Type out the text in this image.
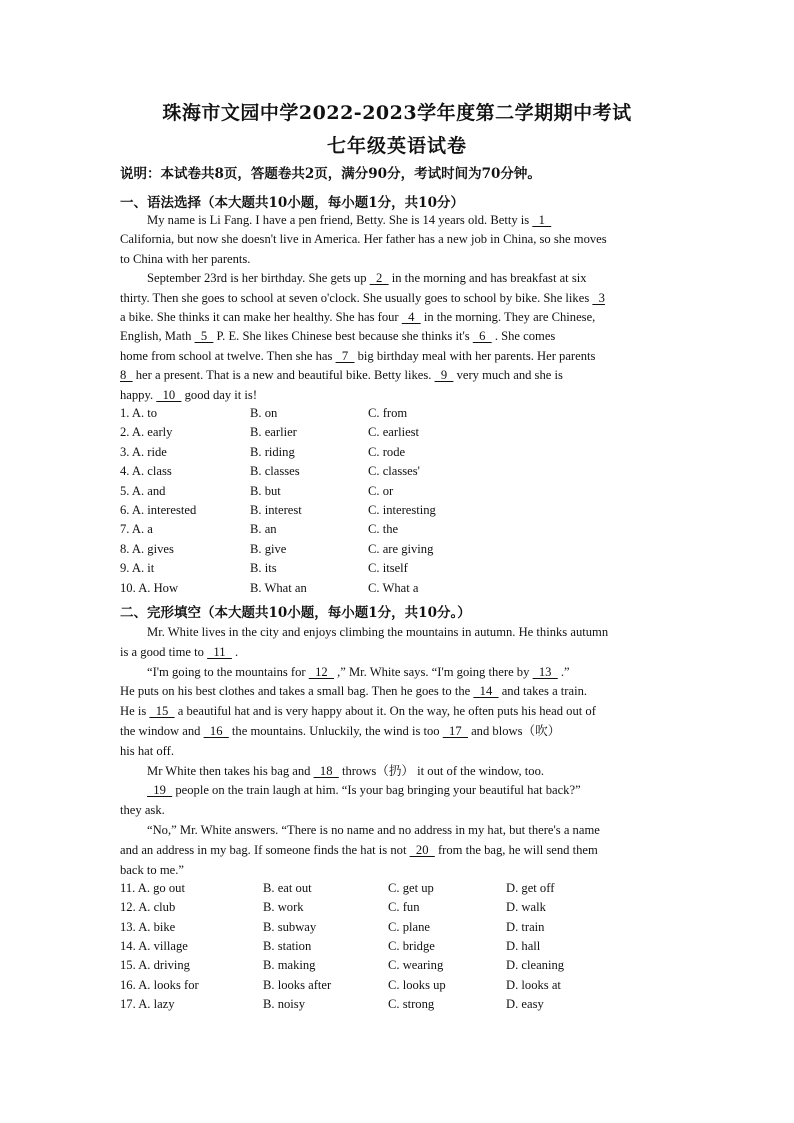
珠海市文园中学2022-2023学年度第二学期期中考试
七年级英语试卷
说明：本试卷共8页，答题卷共2页，满分90分，考试时间为70分钟。
一、语法选择（本大题共10小题，每小题1分，共10分）
My name is Li Fang. I have a pen friend, Betty. She is 14 years old. Betty is   1
California, but now she doesn't live in America. Her father has a new job in China, so she moves
to China with her parents.
September 23rd is her birthday. She gets up   2   in the morning and has breakfast at six
thirty. Then she goes to school at seven o'clock. She usually goes to school by bike. She likes   3
a bike. She thinks it can make her healthy. She has four   4   in the morning. They are Chinese,
English, Math   5   P. E. She likes Chinese best because she thinks it's   6   . She comes
home from school at twelve. Then she has   7   big birthday meal with her parents. Her parents
8   her a present. That is a new and beautiful bike. Betty likes.   9   very much and she is
happy.   10   good day it is!
1. A. to	B. on	C. from
2. A. early	B. earlier	C. earliest
3. A. ride	B. riding	C. rode
4. A. class	B. classes	C. classes'
5. A. and	B. but	C. or
6. A. interested	B. interest	C. interesting
7. A. a	B. an	C. the
8. A. gives	B. give	C. are giving
9. A. it	B. its	C. itself
10. A. How	B. What an	C. What a
二、完形填空（本大题共10小题，每小题1分，共10分。）
Mr. White lives in the city and enjoys climbing the mountains in autumn. He thinks autumn
is a good time to   11   .
“I'm going to the mountains for   12   ,” Mr. White says. “I'm going there by   13   .”
He puts on his best clothes and takes a small bag. Then he goes to the   14   and takes a train.
He is   15   a beautiful hat and is very happy about it. On the way, he often puts his head out of
the window and   16   the mountains. Unluckily, the wind is too   17   and blows（吹）
his hat off.
Mr White then takes his bag and   18   throws（扔） it out of the window, too.
19   people on the train laugh at him. “Is your bag bringing your beautiful hat back?”
they ask.
“No,” Mr. White answers. “There is no name and no address in my hat, but there's a name
and an address in my bag. If someone finds the hat is not   20   from the bag, he will send them
back to me.”
11. A. go out	B. eat out	C. get up	D. get off
12. A. club	B. work	C. fun	D. walk
13. A. bike	B. subway	C. plane	D. train
14. A. village	B. station	C. bridge	D. hall
15. A. driving	B. making	C. wearing	D. cleaning
16. A. looks for	B. looks after	C. looks up	D. looks at
17. A. lazy	B. noisy	C. strong	D. easy
